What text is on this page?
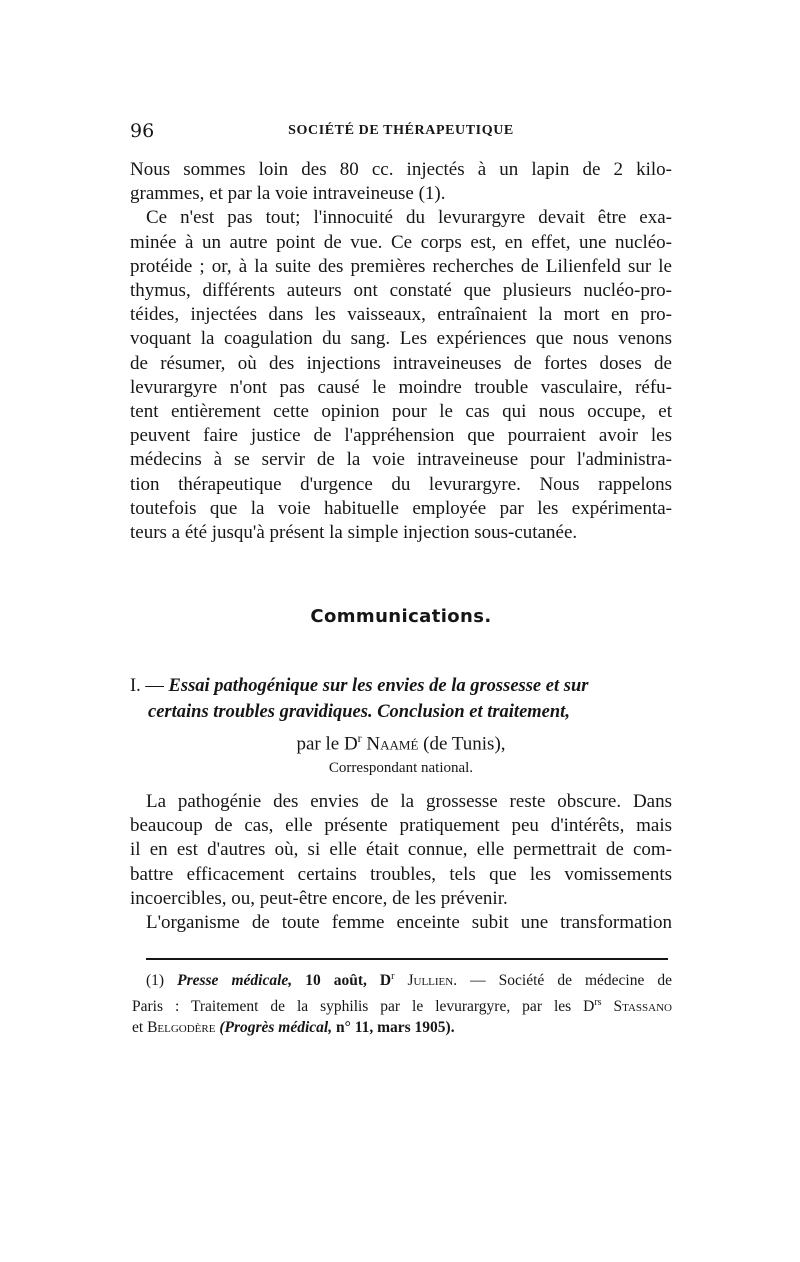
96	SOCIÉTÉ DE THÉRAPEUTIQUE
Nous sommes loin des 80 cc. injectés à un lapin de 2 kilo-
grammes, et par la voie intraveineuse (1).
Ce n'est pas tout; l'innocuité du levurargyre devait être exa-
minée à un autre point de vue. Ce corps est, en effet, une nucléo-
protéide ; or, à la suite des premières recherches de Lilienfeld sur le
thymus, différents auteurs ont constaté que plusieurs nucléo-pro-
téides, injectées dans les vaisseaux, entraînaient la mort en pro-
voquant la coagulation du sang. Les expériences que nous venons
de résumer, où des injections intraveineuses de fortes doses de
levurargyre n'ont pas causé le moindre trouble vasculaire, réfu-
tent entièrement cette opinion pour le cas qui nous occupe, et
peuvent faire justice de l'appréhension que pourraient avoir les
médecins à se servir de la voie intraveineuse pour l'administra-
tion thérapeutique d'urgence du levurargyre. Nous rappelons
toutefois que la voie habituelle employée par les expérimenta-
teurs a été jusqu'à présent la simple injection sous-cutanée.
Communications.
I. — Essai pathogénique sur les envies de la grossesse et sur
certains troubles gravidiques. Conclusion et traitement,
par le $D^r$ Naamé (de Tunis),
Correspondant national.
La pathogénie des envies de la grossesse reste obscure. Dans
beaucoup de cas, elle présente pratiquement peu d'intérêts, mais
il en est d'autres où, si elle était connue, elle permettrait de com-
battre efficacement certains troubles, tels que les vomissements
incoercibles, ou, peut-être encore, de les prévenir.
L'organisme de toute femme enceinte subit une transformation
(1) Presse médicale, 10 août, $D^r$ Jullien. — Société de médecine de
Paris : Traitement de la syphilis par le levurargyre, par les $D^{rs}$ Stassano
et Belgodère (Progrès médical, n° 11, mars 1905).
